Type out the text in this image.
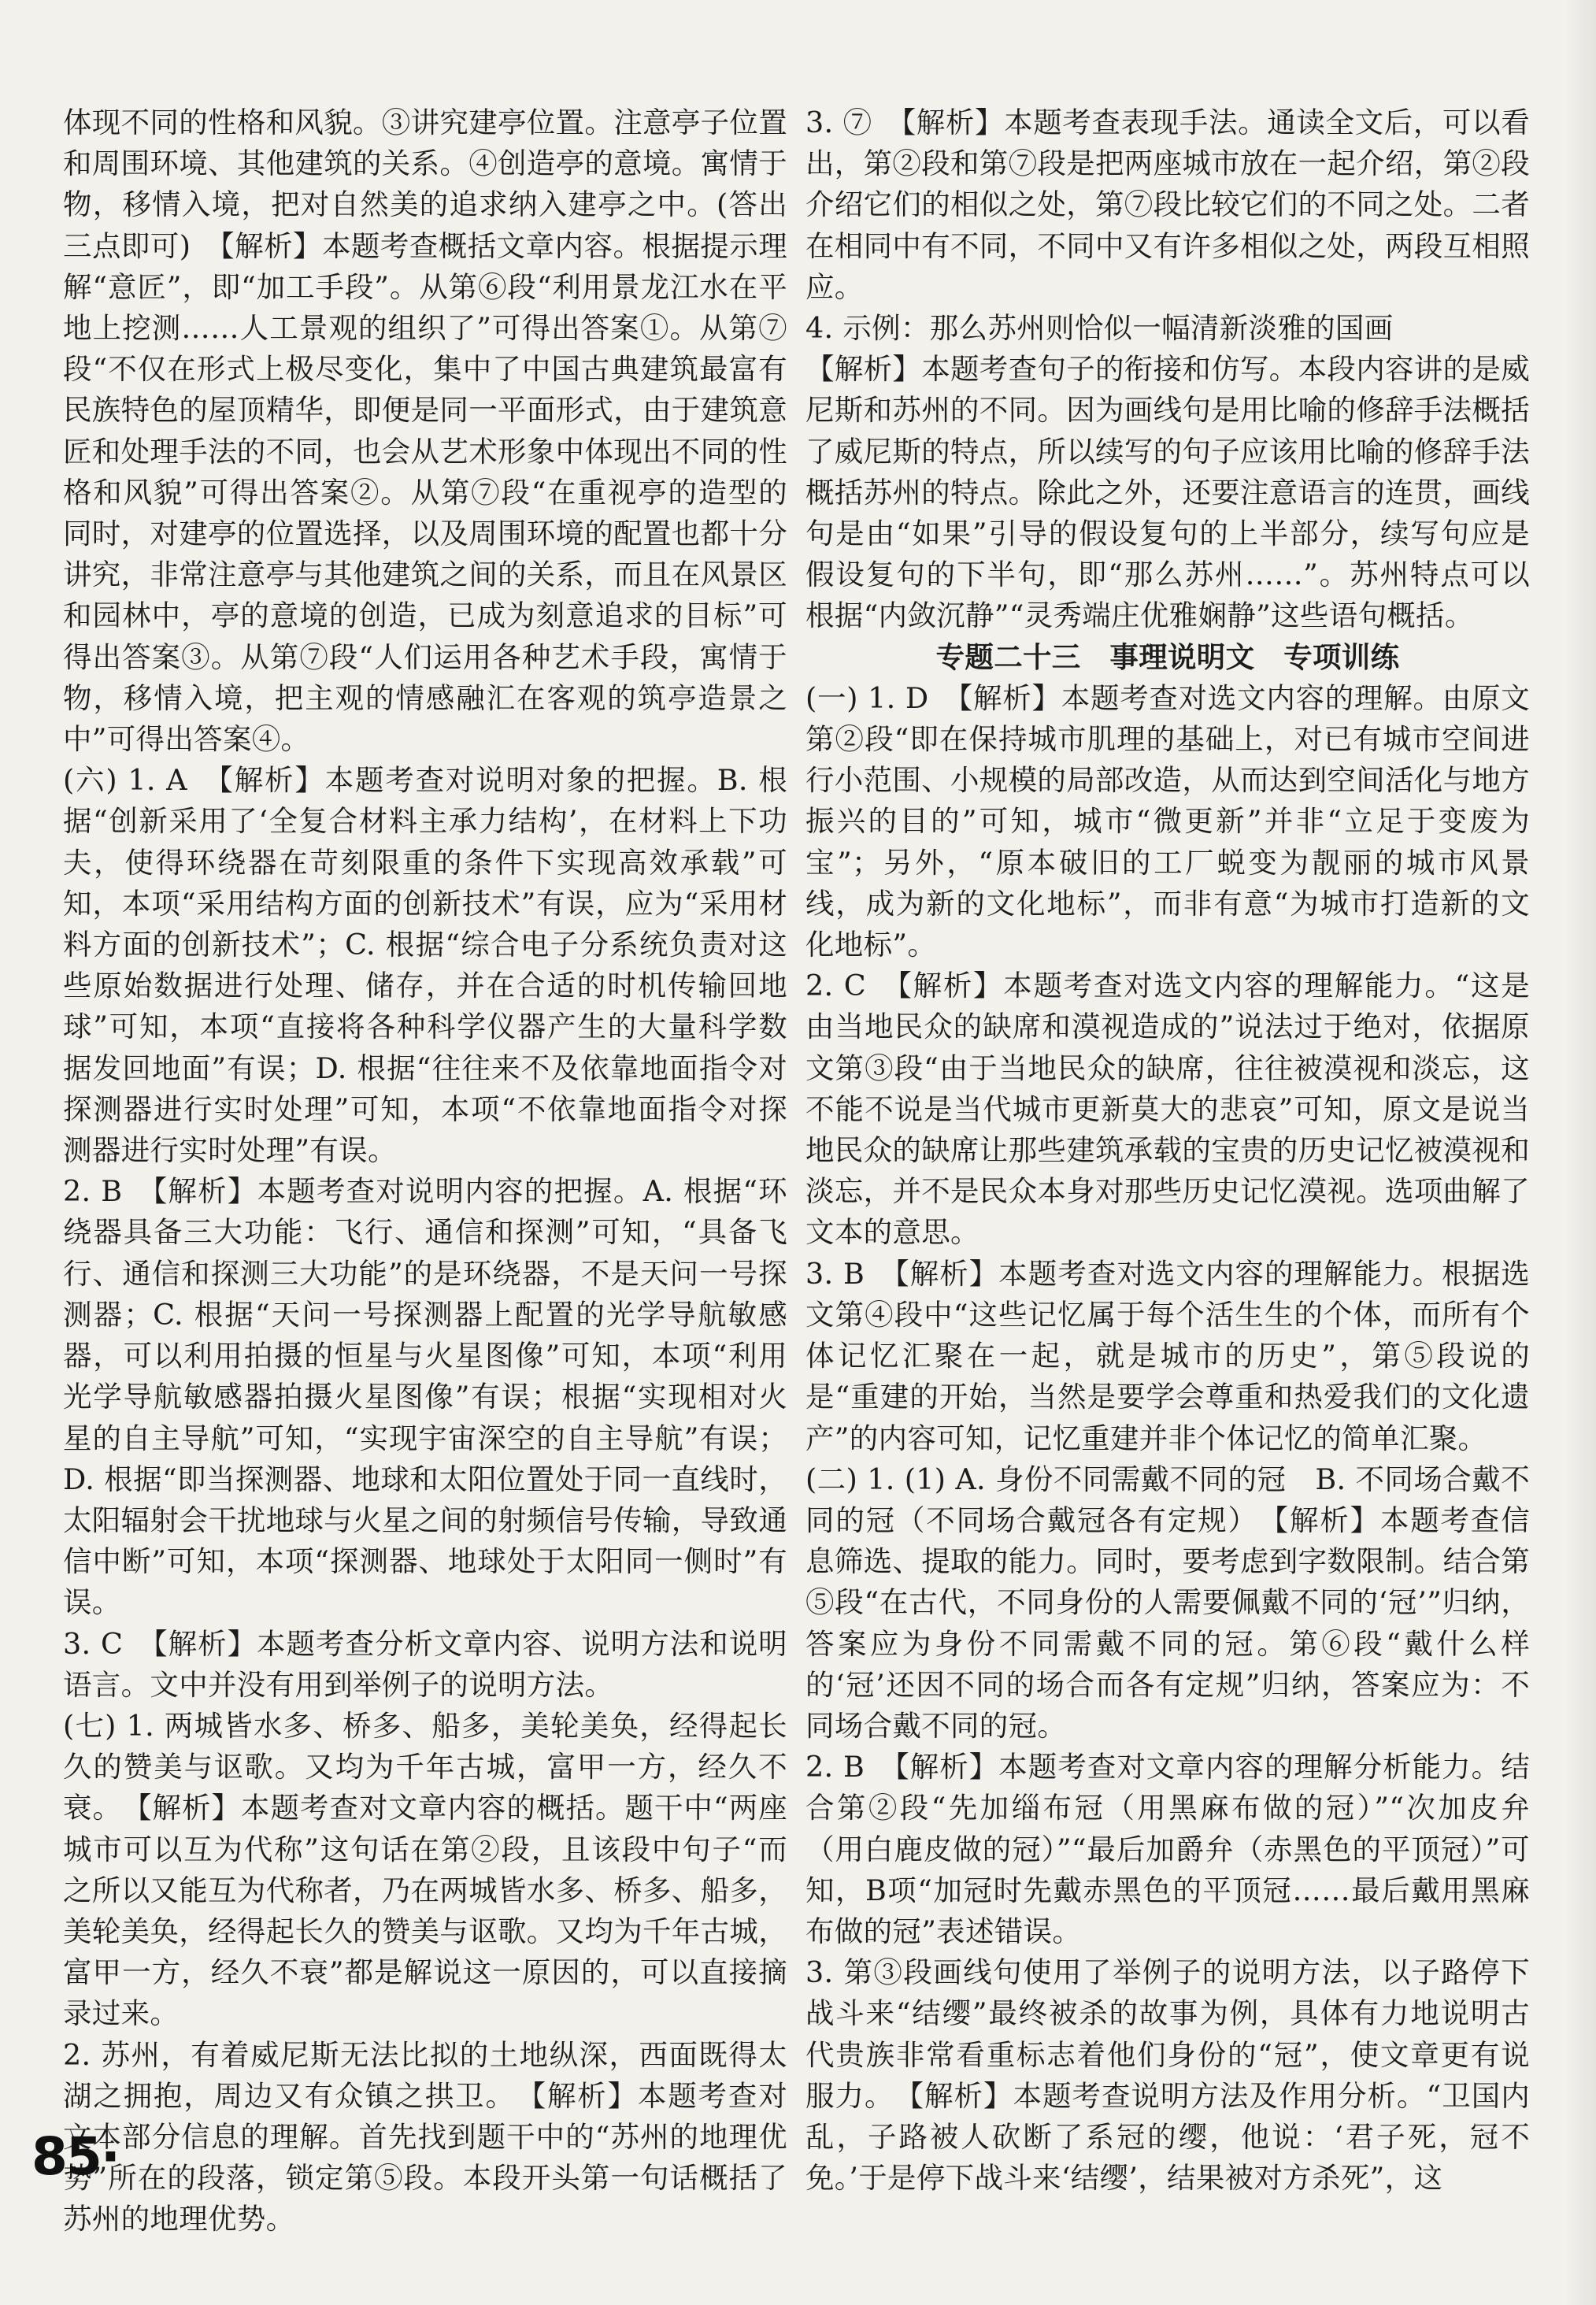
体现不同的性格和风貌。③讲究建亭位置。注意亭子位置和周围环境、其他建筑的关系。④创造亭的意境。寓情于物，移情入境，把对自然美的追求纳入建亭之中。(答出三点即可)　【解析】本题考查概括文章内容。根据提示理解“意匠”，即“加工手段”。从第⑥段“利用景龙江水在平地上挖测……人工景观的组织了”可得出答案①。从第⑦段“不仅在形式上极尽变化，集中了中国古典建筑最富有民族特色的屋顶精华，即便是同一平面形式，由于建筑意匠和处理手法的不同，也会从艺术形象中体现出不同的性格和风貌”可得出答案②。从第⑦段“在重视亭的造型的同时，对建亭的位置选择，以及周围环境的配置也都十分讲究，非常注意亭与其他建筑之间的关系，而且在风景区和园林中，亭的意境的创造，已成为刻意追求的目标”可得出答案③。从第⑦段“人们运用各种艺术手段，寓情于物，移情入境，把主观的情感融汇在客观的筑亭造景之中”可得出答案④。

(六) 1. A　【解析】本题考查对说明对象的把握。B. 根据“创新采用了‘全复合材料主承力结构’，在材料上下功夫，使得环绕器在苛刻限重的条件下实现高效承载”可知，本项“采用结构方面的创新技术”有误，应为“采用材料方面的创新技术”；C. 根据“综合电子分系统负责对这些原始数据进行处理、储存，并在合适的时机传输回地球”可知，本项“直接将各种科学仪器产生的大量科学数据发回地面”有误；D. 根据“往往来不及依靠地面指令对探测器进行实时处理”可知，本项“不依靠地面指令对探测器进行实时处理”有误。

2. B　【解析】本题考查对说明内容的把握。A. 根据“环绕器具备三大功能：飞行、通信和探测”可知，“具备飞行、通信和探测三大功能”的是环绕器，不是天问一号探测器；C. 根据“天问一号探测器上配置的光学导航敏感器，可以利用拍摄的恒星与火星图像”可知，本项“利用光学导航敏感器拍摄火星图像”有误；根据“实现相对火星的自主导航”可知，“实现宇宙深空的自主导航”有误；D. 根据“即当探测器、地球和太阳位置处于同一直线时，太阳辐射会干扰地球与火星之间的射频信号传输，导致通信中断”可知，本项“探测器、地球处于太阳同一侧时”有误。

3. C　【解析】本题考查分析文章内容、说明方法和说明语言。文中并没有用到举例子的说明方法。

(七) 1. 两城皆水多、桥多、船多，美轮美奂，经得起长久的赞美与讴歌。又均为千年古城，富甲一方，经久不衰。　【解析】本题考查对文章内容的概括。题干中“两座城市可以互为代称”这句话在第②段，且该段中句子“而之所以又能互为代称者，乃在两城皆水多、桥多、船多，美轮美奂，经得起长久的赞美与讴歌。又均为千年古城，富甲一方，经久不衰”都是解说这一原因的，可以直接摘录过来。

2. 苏州，有着威尼斯无法比拟的土地纵深，西面既得太湖之拥抱，周边又有众镇之拱卫。　【解析】本题考查对文本部分信息的理解。首先找到题干中的“苏州的地理优势”所在的段落，锁定第⑤段。本段开头第一句话概括了苏州的地理优势。

3. ⑦　【解析】本题考查表现手法。通读全文后，可以看出，第②段和第⑦段是把两座城市放在一起介绍，第②段介绍它们的相似之处，第⑦段比较它们的不同之处。二者在相同中有不同，不同中又有许多相似之处，两段互相照应。

4. 示例：那么苏州则恰似一幅清新淡雅的国画

【解析】本题考查句子的衔接和仿写。本段内容讲的是威尼斯和苏州的不同。因为画线句是用比喻的修辞手法概括了威尼斯的特点，所以续写的句子应该用比喻的修辞手法概括苏州的特点。除此之外，还要注意语言的连贯，画线句是由“如果”引导的假设复句的上半部分，续写句应是假设复句的下半句，即“那么苏州……”。苏州特点可以根据“内敛沉静”“灵秀端庄优雅娴静”这些语句概括。

专题二十三　事理说明文　专项训练

(一) 1. D　【解析】本题考查对选文内容的理解。由原文第②段“即在保持城市肌理的基础上，对已有城市空间进行小范围、小规模的局部改造，从而达到空间活化与地方振兴的目的”可知，城市“微更新”并非“立足于变废为宝”；另外，“原本破旧的工厂蜕变为靓丽的城市风景线，成为新的文化地标”，而非有意“为城市打造新的文化地标”。

2. C　【解析】本题考查对选文内容的理解能力。“这是由当地民众的缺席和漠视造成的”说法过于绝对，依据原文第③段“由于当地民众的缺席，往往被漠视和淡忘，这不能不说是当代城市更新莫大的悲哀”可知，原文是说当地民众的缺席让那些建筑承载的宝贵的历史记忆被漠视和淡忘，并不是民众本身对那些历史记忆漠视。选项曲解了文本的意思。

3. B　【解析】本题考查对选文内容的理解能力。根据选文第④段中“这些记忆属于每个活生生的个体，而所有个体记忆汇聚在一起，就是城市的历史”，第⑤段说的是“重建的开始，当然是要学会尊重和热爱我们的文化遗产”的内容可知，记忆重建并非个体记忆的简单汇聚。

(二) 1. (1) A. 身份不同需戴不同的冠　B. 不同场合戴不同的冠（不同场合戴冠各有定规）　【解析】本题考查信息筛选、提取的能力。同时，要考虑到字数限制。结合第⑤段“在古代，不同身份的人需要佩戴不同的‘冠’”归纳，答案应为身份不同需戴不同的冠。第⑥段“戴什么样的‘冠’还因不同的场合而各有定规”归纳，答案应为：不同场合戴不同的冠。

2. B　【解析】本题考查对文章内容的理解分析能力。结合第②段“先加缁布冠（用黑麻布做的冠）”“次加皮弁（用白鹿皮做的冠）”“最后加爵弁（赤黑色的平顶冠）”可知，B项“加冠时先戴赤黑色的平顶冠……最后戴用黑麻布做的冠”表述错误。

3. 第③段画线句使用了举例子的说明方法，以子路停下战斗来“结缨”最终被杀的故事为例，具体有力地说明古代贵族非常看重标志着他们身份的“冠”，使文章更有说服力。　【解析】本题考查说明方法及作用分析。“卫国内乱，子路被人砍断了系冠的缨，他说：‘君子死，冠不免。’于是停下战斗来‘结缨’，结果被对方杀死”，这

85·
